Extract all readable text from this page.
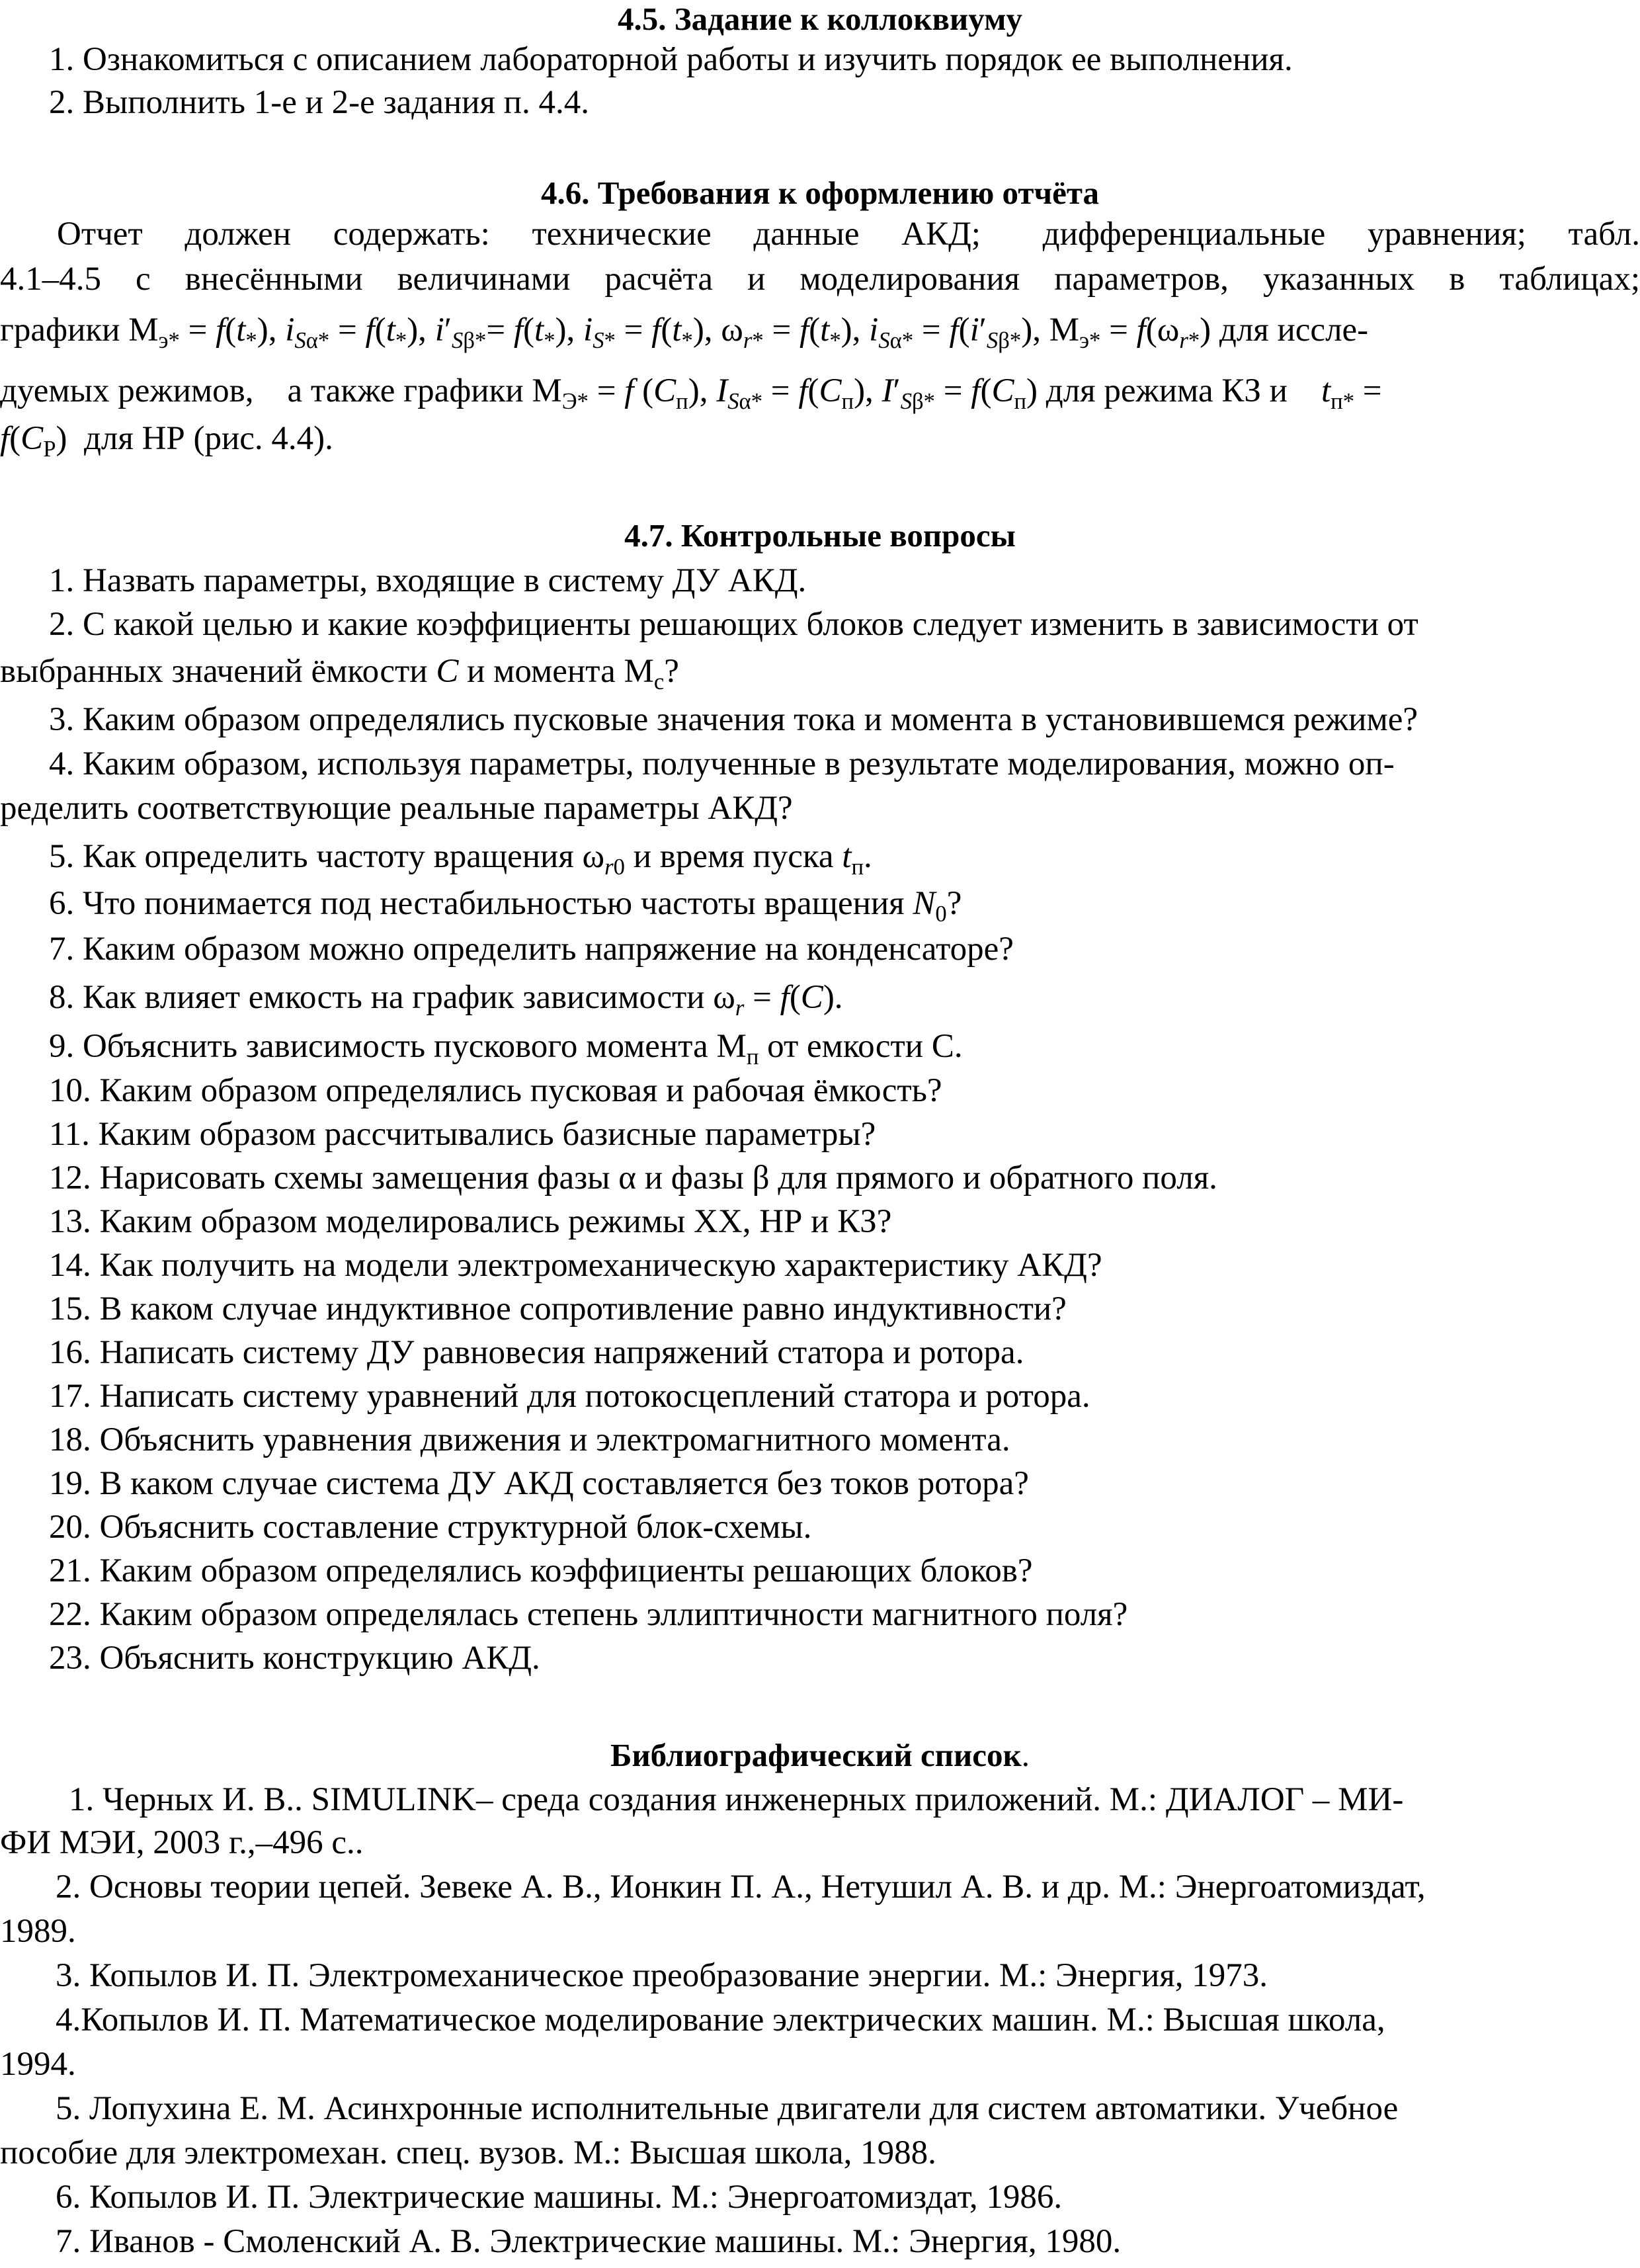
4.5. Задание к коллоквиуму
1. Ознакомиться с описанием лабораторной работы и изучить порядок ее выполнения.
2. Выполнить 1-е и 2-е задания п. 4.4.
4.6. Требования к оформлению отчёта
Отчет должен содержать: технические данные АКД; дифференциальные уравнения; табл.
4.1–4.5 с внесёнными величинами расчёта и моделирования параметров, указанных в таблицах;
графики $М_{э*} = f(t_*)$, $i_{S\alpha*} = f(t_*)$, $i'_{S\beta*}= f(t_*)$, $i_{S*} = f(t_*)$, $\omega_{r*} = f(t_*)$, $i_{S\alpha*} = f(i'_{S\beta*})$, $М_{э*} = f(\omega_{r*})$ для иссле-
дуемых режимов, а также графики $М_{Э*} = f$ $(C_п)$, $I_{S\alpha*} = f(C_п)$, $I'_{S\beta*} = f(C_п)$ для режима КЗ и $t_{п*}$ =
$f(C_Р)$  для НР (рис. 4.4).
4.7. Контрольные вопросы
1. Назвать параметры, входящие в систему ДУ АКД.
2. С какой целью и какие коэффициенты решающих блоков следует изменить в зависимости от
выбранных значений ёмкости C и момента $М_с$?
3. Каким образом определялись пусковые значения тока и момента в установившемся режиме?
4. Каким образом, используя параметры, полученные в результате моделирования, можно оп-
ределить соответствующие реальные параметры АКД?
5. Как определить частоту вращения $\omega_{r0}$ и время пуска $t_п$.
6. Что понимается под нестабильностью частоты вращения $N_0$?
7. Каким образом можно определить напряжение на конденсаторе?
8. Как влияет емкость на график зависимости $\omega_r = f(C)$.
9. Объяснить зависимость пускового момента $М_п$ от емкости С.
10. Каким образом определялись пусковая и рабочая ёмкость?
11. Каким образом рассчитывались базисные параметры?
12. Нарисовать схемы замещения фазы α и фазы β для прямого и обратного поля.
13. Каким образом моделировались режимы ХХ, НР и КЗ?
14. Как получить на модели электромеханическую характеристику АКД?
15. В каком случае индуктивное сопротивление равно индуктивности?
16. Написать систему ДУ равновесия напряжений статора и ротора.
17. Написать систему уравнений для потокосцеплений статора и ротора.
18. Объяснить уравнения движения и электромагнитного момента.
19. В каком случае система ДУ АКД составляется без токов ротора?
20. Объяснить составление структурной блок-схемы.
21. Каким образом определялись коэффициенты решающих блоков?
22. Каким образом определялась степень эллиптичности магнитного поля?
23. Объяснить конструкцию АКД.
Библиографический список.
1. Черных И. В.. SIMULINK– среда создания инженерных приложений. М.: ДИАЛОГ – МИ-
ФИ МЭИ, 2003 г.,–496 с..
2. Основы теории цепей. Зевеке А. В., Ионкин П. А., Нетушил А. В. и др. М.: Энергоатомиздат,
1989.
3. Копылов И. П. Электромеханическое преобразование энергии. М.: Энергия, 1973.
4.Копылов И. П. Математическое моделирование электрических машин. М.: Высшая школа,
1994.
5. Лопухина Е. М. Асинхронные исполнительные двигатели для систем автоматики. Учебное
пособие для электромехан. спец. вузов. М.: Высшая школа, 1988.
6. Копылов И. П. Электрические машины. М.: Энергоатомиздат, 1986.
7. Иванов - Смоленский А. В. Электрические машины. М.: Энергия, 1980.
